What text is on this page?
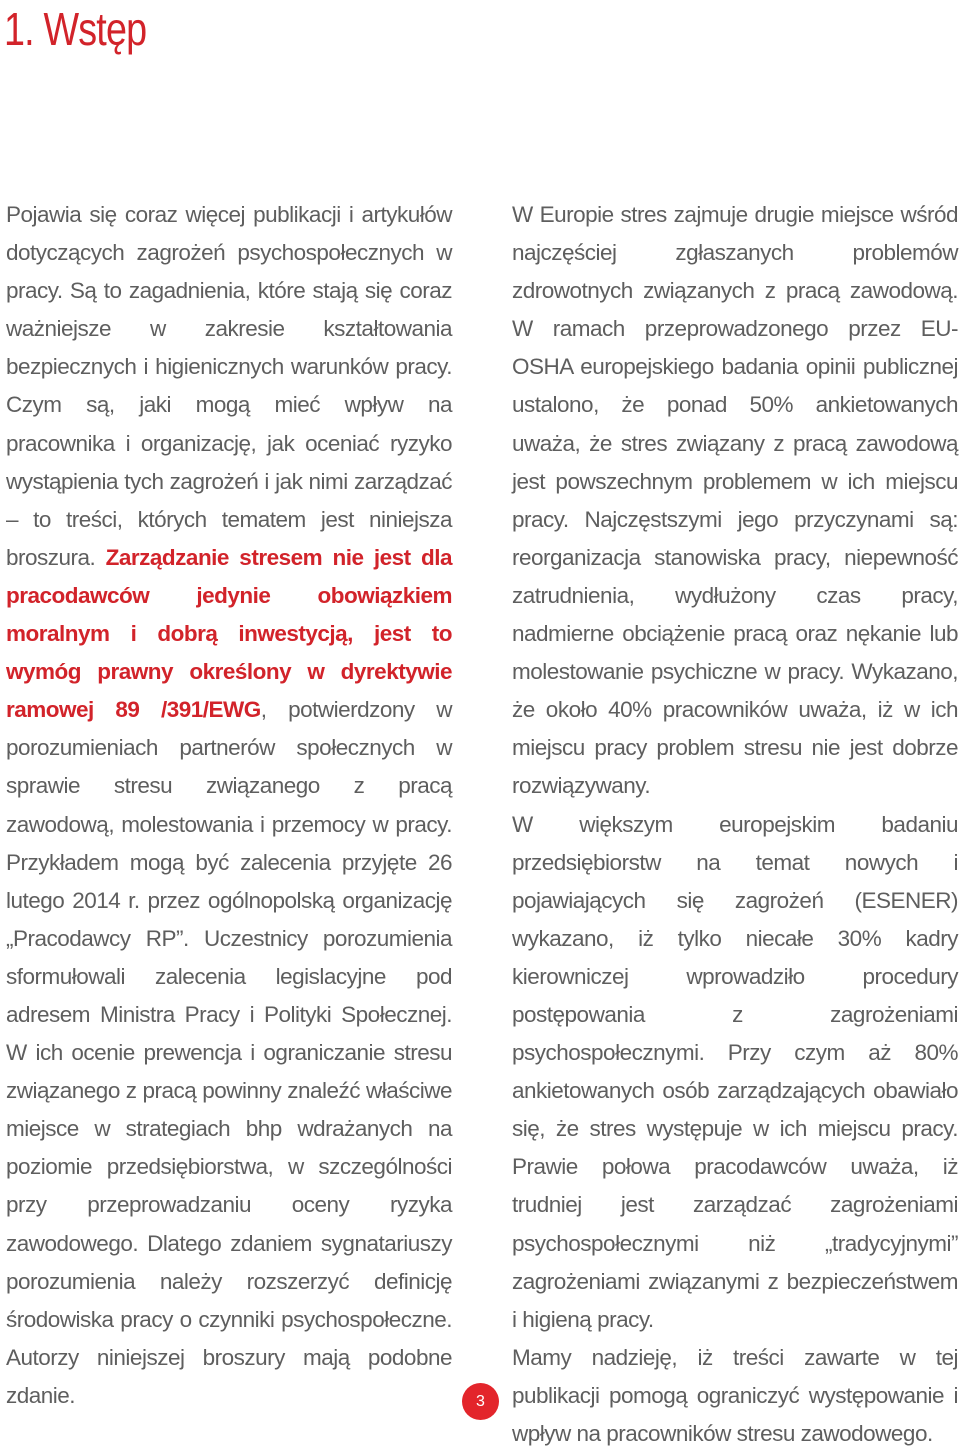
1. Wstęp

Pojawia się coraz więcej publikacji i artykułów dotyczących zagrożeń psychospołecznych w pracy. Są to zagadnienia, które stają się coraz ważniejsze w zakresie kształtowania bezpiecznych i higienicznych warunków pracy. Czym są, jaki mogą mieć wpływ na pracownika i organizację, jak oceniać ryzyko wystąpienia tych zagrożeń i jak nimi zarządzać – to treści, których tematem jest niniejsza broszura. Zarządzanie stresem nie jest dla pracodawców jedynie obowiązkiem moralnym i dobrą inwestycją, jest to wymóg prawny określony w dyrektywie ramowej 89 /391/EWG, potwierdzony w porozumieniach partnerów społecznych w sprawie stresu związanego z pracą zawodową, molestowania i przemocy w pracy. Przykładem mogą być zalecenia przyjęte 26 lutego 2014 r. przez ogólnopolską organizację „Pracodawcy RP”. Uczestnicy porozumienia sformułowali zalecenia legislacyjne pod adresem Ministra Pracy i Polityki Społecznej. W ich ocenie prewencja i ograniczanie stresu związanego z pracą powinny znaleźć właściwe miejsce w strategiach bhp wdrażanych na poziomie przedsiębiorstwa, w szczególności przy przeprowadzaniu oceny ryzyka zawodowego. Dlatego zdaniem sygnatariuszy porozumienia należy rozszerzyć definicję środowiska pracy o czynniki psychospołeczne. Autorzy niniejszej broszury mają podobne zdanie.

W Europie stres zajmuje drugie miejsce wśród najczęściej zgłaszanych problemów zdrowotnych związanych z pracą zawodową. W ramach przeprowadzonego przez EU-OSHA europejskiego badania opinii publicznej ustalono, że ponad 50% ankietowanych uważa, że stres związany z pracą zawodową jest powszechnym problemem w ich miejscu pracy. Najczęstszymi jego przyczynami są: reorganizacja stanowiska pracy, niepewność zatrudnienia, wydłużony czas pracy, nadmierne obciążenie pracą oraz nękanie lub molestowanie psychiczne w pracy. Wykazano, że około 40% pracowników uważa, iż w ich miejscu pracy problem stresu nie jest dobrze rozwiązywany.

W większym europejskim badaniu przedsiębiorstw na temat nowych i pojawiających się zagrożeń (ESENER) wykazano, iż tylko niecałe 30% kadry kierowniczej wprowadziło procedury postępowania z zagrożeniami psychospołecznymi. Przy czym aż 80% ankietowanych osób zarządzających obawiało się, że stres występuje w ich miejscu pracy. Prawie połowa pracodawców uważa, iż trudniej jest zarządzać zagrożeniami psychospołecznymi niż „tradycyjnymi” zagrożeniami związanymi z bezpieczeństwem i higieną pracy.

Mamy nadzieję, iż treści zawarte w tej publikacji pomogą ograniczyć występowanie i wpływ na pracowników stresu zawodowego.

3
